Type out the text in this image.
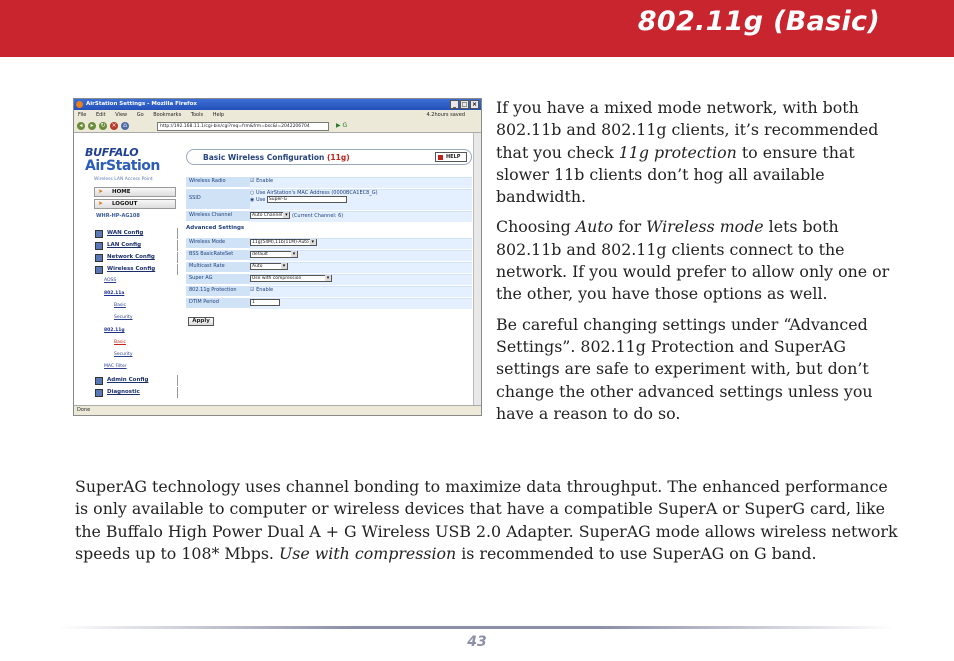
802.11g (Basic)
AirStation Settings - Mozilla Firefox	_ □ ×
File Edit View Go Bookmarks Tools Help	4.2hours saved
◂	▸	↻ ×	⌂	http://192.168.11.1/cgi-bin/cgi?req=frm&frm=bsc&l=2042206704	▶ G
BUFFALO
AirStation
Wireless LAN Access Point
➤ HOME
➤ LOGOUT
WHR-HP-AG108
WAN Config
LAN Config
Network Config
Wireless Config
AOSS
802.11a
Basic
Security
802.11g
Basic
Security
MAC Filter
Admin Config
Diagnostic
Basic Wireless Configuration (11g)	HELP
Wireless Radio	☑ Enable
SSID
○ Use AirStation's MAC Address (0000BCA1EC8_G)
◉ Use Super-G
Wireless Channel	Auto Channel ▾ (Current Channel: 6)
Advanced Settings
Wireless Mode	11g(54M),11b(11M)-Auto ▾
BSS BasicRateSet	default ▾
Multicast Rate	Auto ▾
Super AG	Use with compression ▾
802.11g Protection	☑ Enable
DTIM Period	1
Apply
Done

If you have a mixed mode network, with both 802.11b and 802.11g clients, it’s recommended that you check 11g protection to ensure that slower 11b clients don’t hog all available bandwidth.

Choosing Auto for Wireless mode lets both 802.11b and 802.11g clients connect to the network. If you would prefer to allow only one or the other, you have those options as well.

Be careful changing settings under “Advanced Settings”. 802.11g Protection and SuperAG settings are safe to experiment with, but don’t change the other advanced settings unless you have a reason to do so.

SuperAG technology uses channel bonding to maximize data throughput. The enhanced performance is only available to computer or wireless devices that have a compatible SuperA or SuperG card, like the Buffalo High Power Dual A + G Wireless USB 2.0 Adapter. SuperAG mode allows wireless network speeds up to 108* Mbps. Use with compression is recommended to use SuperAG on G band.
43
